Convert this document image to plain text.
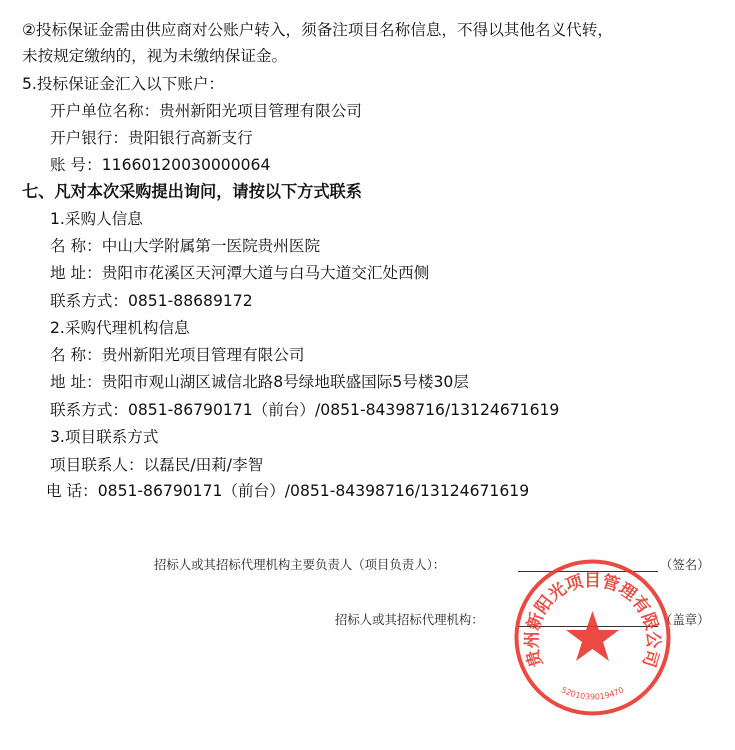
②投标保证金需由供应商对公账户转入，须备注项目名称信息，不得以其他名义代转，
未按规定缴纳的，视为未缴纳保证金。
5.投标保证金汇入以下账户：
开户单位名称：贵州新阳光项目管理有限公司
开户银行：贵阳银行高新支行
账 号：11660120030000064
七、凡对本次采购提出询问，请按以下方式联系
1.采购人信息
名 称：中山大学附属第一医院贵州医院
地 址：贵阳市花溪区天河潭大道与白马大道交汇处西侧
联系方式：0851-88689172
2.采购代理机构信息
名 称：贵州新阳光项目管理有限公司
地 址：贵阳市观山湖区诚信北路8号绿地联盛国际5号楼30层
联系方式：0851-86790171（前台）/0851-84398716/13124671619
3.项目联系方式
项目联系人：以磊民/田莉/李智
电 话：0851-86790171（前台）/0851-84398716/13124671619
招标人或其招标代理机构主要负责人（项目负责人）：	（签名）
招标人或其招标代理机构：	（盖章）
贵州新阳光项目管理有限公司
5201039019470
